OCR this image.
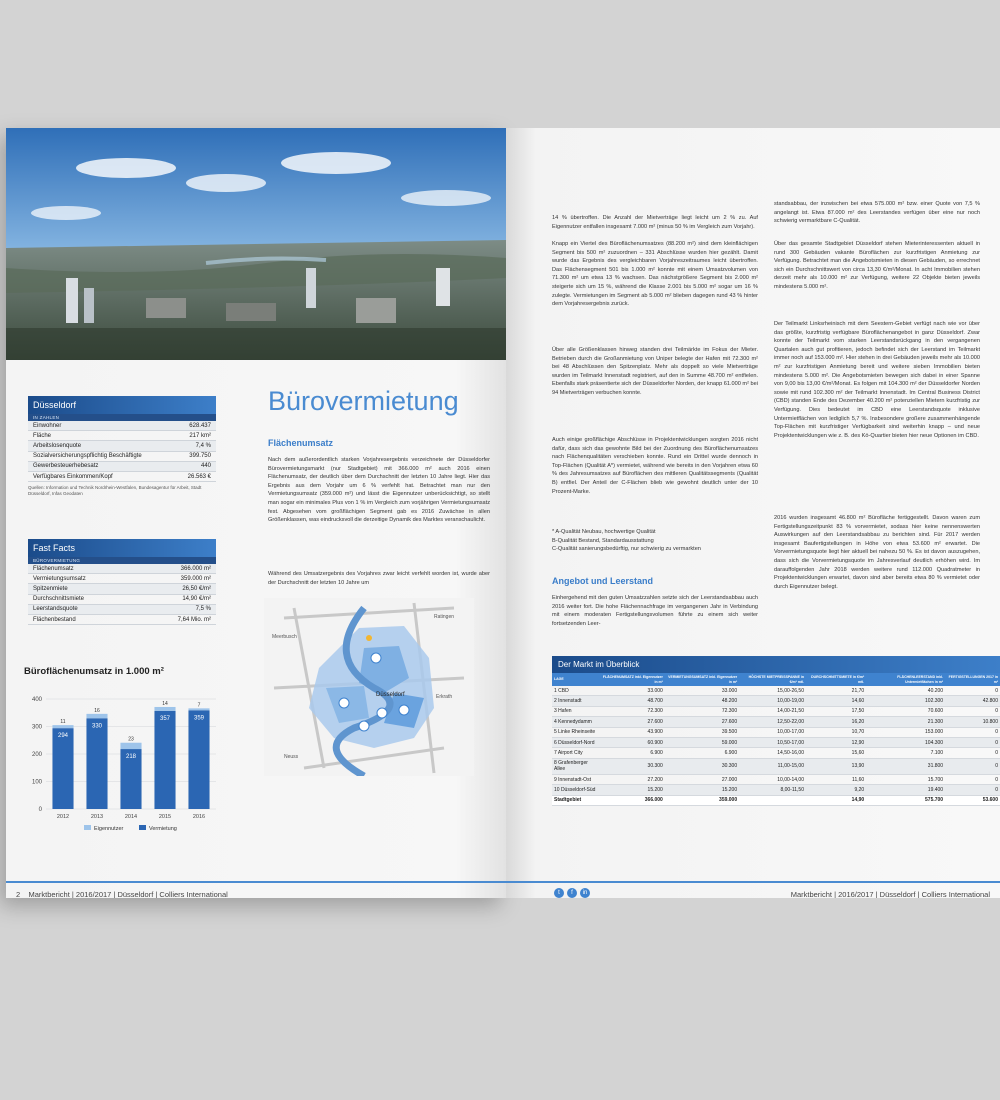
Düsseldorf
IN ZAHLEN
Einwohner	628.437
Fläche	217 km²
Arbeitslosenquote	7,4 %
Sozialversicherungspflichtig Beschäftigte	399.750
Gewerbesteuerhebesatz	440
Verfügbares Einkommen/Kopf	26.563 €
Quellen: Information und Technik Nordrhein-Westfalen, Bundesagentur für Arbeit, Stadt Düsseldorf, Infas Geodaten
Fast Facts
BÜROVERMIETUNG
Flächenumsatz	366.000 m²
Vermietungsumsatz	359.000 m²
Spitzenmiete	26,50 €/m²
Durchschnittsmiete	14,90 €/m²
Leerstandsquote	7,5 %
Flächenbestand	7,64 Mio. m²
Büroflächenumsatz in 1.000 m²
0
100
200
300
400
294
11
2012
330
16
2013
218
23
2014
357
14
2015
359
7
2016
Eigennutzer	Vermietung
Bürovermietung
Flächenumsatz
Nach dem außerordentlich starken Vorjahresergebnis verzeichnete der Düsseldorfer Bürovermietungsmarkt (nur Stadtgebiet) mit 366.000 m² auch 2016 einen Flächenumsatz, der deutlich über dem Durchschnitt der letzten 10 Jahre liegt. Hier das Ergebnis aus dem Vorjahr um 6 % verfehlt hat. Betrachtet man nur den Vermietungsumsatz (359.000 m²) und lässt die Eigennutzer unberücksichtigt, so stellt man sogar ein minimales Plus von 1 % im Vergleich zum vorjährigen Vermietungsumsatz fest. Abgesehen vom großflächigen Segment gab es 2016 Zuwächse in allen Größenklassen, was eindrucksvoll die derzeitige Dynamik des Marktes veranschaulicht.
Während des Umsatzergebnis des Vorjahres zwar leicht verfehlt worden ist, wurde aber der Durchschnitt der letzten 10 Jahre um
Düsseldorf
Ratingen
Meerbusch
Erkrath
Neuss
2 Marktbericht | 2016/2017 | Düsseldorf | Colliers International
14 % übertroffen. Die Anzahl der Mietverträge liegt leicht um 2 % zu. Auf Eigennutzer entfallen insgesamt 7.000 m² (minus 50 % im Vergleich zum Vorjahr).
Knapp ein Viertel des Büroflächenumsatzes (88.200 m²) sind dem kleinflächigen Segment bis 500 m² zuzuordnen – 331 Abschlüsse wurden hier gezählt. Damit wurde das Ergebnis des vergleichbaren Vorjahreszeitraumes leicht übertroffen. Das Flächensegment 501 bis 1.000 m² konnte mit einem Umsatzvolumen von 71.300 m² um etwa 13 % wachsen. Das nächstgrößere Segment bis 2.000 m² steigerte sich um 15 %, während die Klasse 2.001 bis 5.000 m² sogar um 16 % zulegte. Vermietungen im Segment ab 5.000 m² blieben dagegen rund 43 % hinter dem Vorjahresergebnis zurück.
Über alle Größenklassen hinweg standen drei Teilmärkte im Fokus der Mieter. Betrieben durch die Großanmietung von Uniper belegte der Hafen mit 72.300 m² bei 48 Abschlüssen den Spitzenplatz. Mehr als doppelt so viele Mietverträge wurden im Teilmarkt Innenstadt registriert, auf den in Summe 48.700 m² entfielen. Ebenfalls stark präsentierte sich der Düsseldorfer Norden, der knapp 61.000 m² bei 94 Mietverträgen verbuchen konnte.
Auch einige großflächige Abschlüsse in Projektentwicklungen sorgten 2016 nicht dafür, dass sich das gewohnte Bild bei der Zuordnung des Büroflächenumsatzes nach Flächenqualitäten verschieben konnte. Rund ein Drittel wurde dennoch in Top-Flächen (Qualität A*) vermietet, während wie bereits in den Vorjahren etwa 60 % des Jahresumsatzes auf Büroflächen des mittleren Qualitätssegments (Qualität B) entfiel. Der Anteil der C-Flächen blieb wie gewohnt deutlich unter der 10 Prozent-Marke.
* A-Qualität Neubau, hochwertige Qualität
B-Qualität Bestand, Standardausstattung
C-Qualität sanierungsbedürftig, nur schwierig zu vermarkten
Angebot und Leerstand
Einhergehend mit den guten Umsatzzahlen setzte sich der Leerstandsabbau auch 2016 weiter fort. Die hohe Flächennachfrage im vergangenen Jahr in Verbindung mit einem moderaten Fertigstellungsvolumen führte zu einem sich weiter fortsetzenden Leer-
standsabbau, der inzwischen bei etwa 575.000 m² bzw. einer Quote von 7,5 % angelangt ist. Etwa 87.000 m² des Leerstandes verfügen über eine nur noch schwierig vermarktbare C-Qualität.
Über das gesamte Stadtgebiet Düsseldorf stehen Mieterinteressenten aktuell in rund 300 Gebäuden vakante Büroflächen zur kurzfristigen Anmietung zur Verfügung. Betrachtet man die Angebotsmieten in diesen Gebäuden, so errechnet sich ein Durchschnittswert von circa 13,30 €/m²/Monat. In acht Immobilien stehen derzeit mehr als 10.000 m² zur Verfügung, weitere 22 Objekte bieten jeweils mindestens 5.000 m².
Der Teilmarkt Linksrheinisch mit dem Seestern-Gebiet verfügt nach wie vor über das größte, kurzfristig verfügbare Büroflächenangebot in ganz Düsseldorf. Zwar konnte der Teilmarkt vom starken Leerstandsrückgang in den vergangenen Quartalen auch gut profitieren, jedoch befindet sich der Leerstand im Teilmarkt immer noch auf 153.000 m². Hier stehen in drei Gebäuden jeweils mehr als 10.000 m² zur kurzfristigen Anmietung bereit und weitere sieben Immobilien bieten mindestens 5.000 m². Die Angebotsmieten bewegen sich dabei in einer Spanne von 9,00 bis 13,00 €/m²/Monat. Es folgen mit 104.300 m² der Düsseldorfer Norden sowie mit rund 102.300 m² der Teilmarkt Innenstadt. Im Central Business District (CBD) standen Ende des Dezember 40.200 m² potenziellen Mietern kurzfristig zur Verfügung. Dies bedeutet im CBD eine Leerstandsquote inklusive Untermietflächen von lediglich 5,7 %. Insbesondere großere zusammenhängende Top-Flächen mit kurzfristiger Verfügbarkeit sind weiterhin knapp – und neue Projektentwicklungen wie z. B. des Kö-Quartier bieten hier neue Optionen im CBD.
2016 wurden insgesamt 46.800 m² Bürofläche fertiggestellt. Davon waren zum Fertigstellungszeitpunkt 83 % vorvermietet, sodass hier keine nennenswerten Auswirkungen auf den Leerstandsabbau zu berichten sind. Für 2017 werden insgesamt Baufertigstellungen in Höhe von etwa 53.600 m² erwartet. Die Vorvermietungsquote liegt hier aktuell bei nahezu 50 %. Es ist davon auszugehen, dass sich die Vorvermietungsquote im Jahresverlauf deutlich erhöhen wird. Im darauffolgenden Jahr 2018 werden weitere rund 112.000 Quadratmeter in Projektentwicklungen erwartet, davon sind aber bereits etwa 80 % vermietet oder durch Eigennutzer belegt.
Der Markt im Überblick
LAGE	FLÄCHENUMSATZ inkl. Eigennutzer in m²	VERMIETUNGSUMSATZ inkl. Eigennutzer in m²	HÖCHSTE MIETPREISSPANNE in €/m² mtl.	DURCHSCHNITTSMIETE in €/m² mtl.	FLÄCHENLEERSTAND inkl. Untermietflächen in m²	FERTIGSTELLUNGEN 2017 in m²
1 CBD	33.000	33.000	15,00-26,50	21,70	40.200	0
2 Innenstadt	48.700	48.200	10,00-19,00	14,60	102.300	42.800
3 Hafen	72.300	72.300	14,00-21,50	17,50	70.600	0
4 Kennedydamm	27.600	27.600	12,50-22,00	16,20	21.300	10.800
5 Linke Rheinseite	43.900	39.500	10,00-17,00	10,70	153.000	0
6 Düsseldorf-Nord	60.900	59.000	10,50-17,00	12,90	104.300	0
7 Airport City	6.900	6.900	14,50-16,00	15,60	7.100	0
8 Grafenberger Allee	30.300	30.300	11,00-15,00	13,90	31.800	0
9 Innenstadt-Ost	27.200	27.000	10,00-14,00	11,60	15.700	0
10 Düsseldorf-Süd	15.200	15.200	8,00-11,50	9,20	19.400	0
Stadtgebiet	366.000	359.000		14,90	575.700	53.600
t	f	in	Marktbericht | 2016/2017 | Düsseldorf | Colliers International
